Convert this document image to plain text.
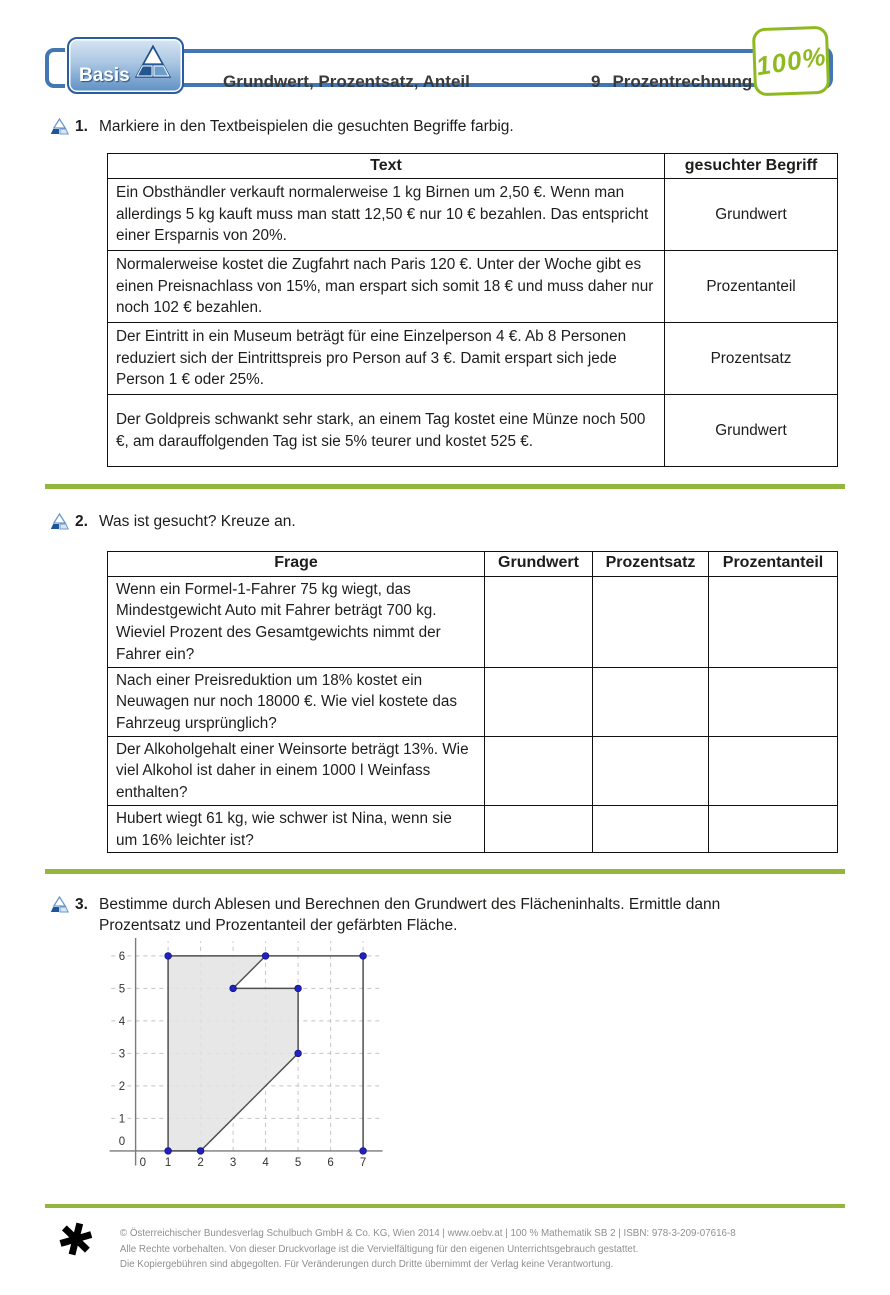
Grundwert, Prozentsatz, Anteil	9 Prozentrechnung
Basis	100%
1. Markiere in den Textbeispielen die gesuchten Begriffe farbig.
Text	gesuchter Begriff
Ein Obsthändler verkauft normalerweise 1 kg Birnen um 2,50 €. Wenn man allerdings 5 kg kauft muss man statt 12,50 € nur 10 € bezahlen. Das entspricht einer Ersparnis von 20%.	Grundwert
Normalerweise kostet die Zugfahrt nach Paris 120 €. Unter der Woche gibt es einen Preisnachlass von 15%, man erspart sich somit 18 € und muss daher nur noch 102 € bezahlen.	Prozentanteil
Der Eintritt in ein Museum beträgt für eine Einzelperson 4 €. Ab 8 Personen reduziert sich der Eintrittspreis pro Person auf 3 €. Damit erspart sich jede Person 1 € oder 25%.	Prozentsatz
Der Goldpreis schwankt sehr stark, an einem Tag kostet eine Münze noch 500 €, am darauffolgenden Tag ist sie 5% teurer und kostet 525 €.	Grundwert
2. Was ist gesucht? Kreuze an.
Frage	Grundwert	Prozentsatz	Prozentanteil
Wenn ein Formel-1-Fahrer 75 kg wiegt, das Mindestgewicht Auto mit Fahrer beträgt 700 kg. Wieviel Prozent des Gesamtgewichts nimmt der Fahrer ein?			
Nach einer Preisreduktion um 18% kostet ein Neuwagen nur noch 18000 €. Wie viel kostete das Fahrzeug ursprünglich?			
Der Alkoholgehalt einer Weinsorte beträgt 13%. Wie viel Alkohol ist daher in einem 1000 l Weinfass enthalten?			
Hubert wiegt 61 kg, wie schwer ist Nina, wenn sie um 16% leichter ist?			
3. Bestimme durch Ablesen und Berechnen den Grundwert des Flächeninhalts. Ermittle dann Prozentsatz und Prozentanteil der gefärbten Fläche.
0
1
2
3
4
5
6
0 1 2 3 4 5 6 7
✱ © Österreichischer Bundesverlag Schulbuch GmbH & Co. KG, Wien 2014 | www.oebv.at | 100 % Mathematik SB 2 | ISBN: 978-3-209-07616-8
Alle Rechte vorbehalten. Von dieser Druckvorlage ist die Vervielfältigung für den eigenen Unterrichtsgebrauch gestattet.
Die Kopiergebühren sind abgegolten. Für Veränderungen durch Dritte übernimmt der Verlag keine Verantwortung.
